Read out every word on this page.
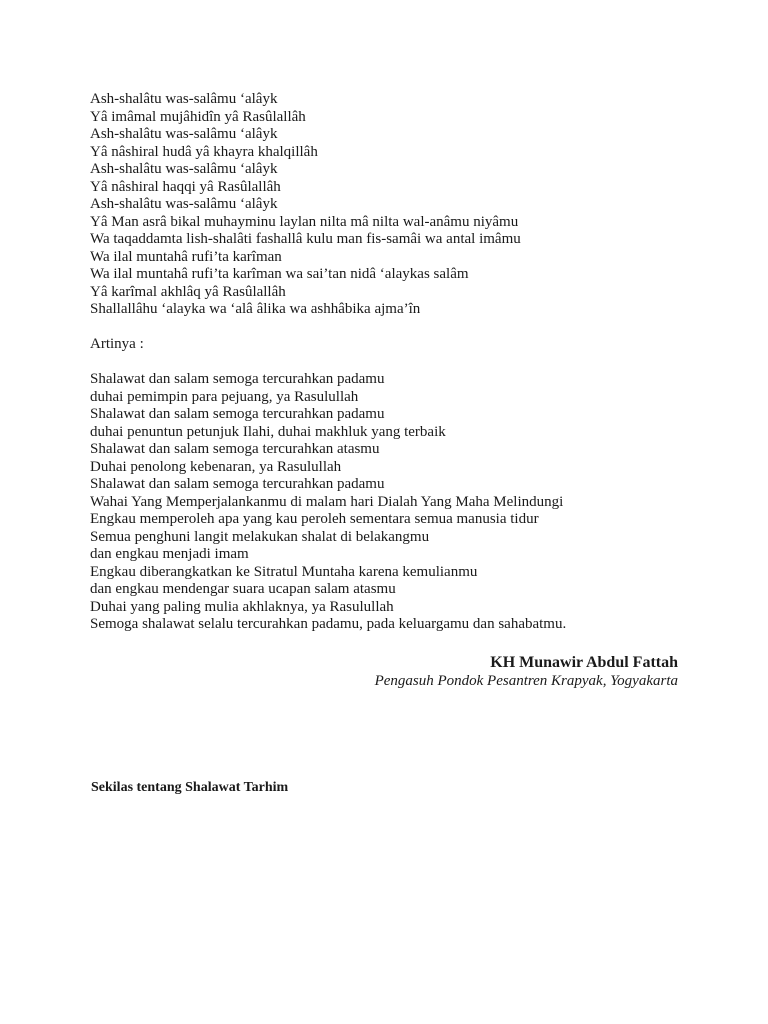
Ash-shalâtu was-salâmu ‘alâyk
Yâ imâmal mujâhidîn yâ Rasûlallâh
Ash-shalâtu was-salâmu ‘alâyk
Yâ nâshiral hudâ yâ khayra khalqillâh
Ash-shalâtu was-salâmu ‘alâyk
Yâ nâshiral haqqi yâ Rasûlallâh
Ash-shalâtu was-salâmu ‘alâyk
Yâ Man asrâ bikal muhayminu laylan nilta mâ nilta wal-anâmu niyâmu
Wa taqaddamta lish-shalâti fashallâ kulu man fis-samâi wa antal imâmu
Wa ilal muntahâ rufi’ta karîman
Wa ilal muntahâ rufi’ta karîman wa sai’tan nidâ ‘alaykas salâm
Yâ karîmal akhlâq yâ Rasûlallâh
Shallallâhu ‘alayka wa ‘alâ âlika wa ashhâbika ajma’în
Artinya :
Shalawat dan salam semoga tercurahkan padamu
duhai pemimpin para pejuang, ya Rasulullah
Shalawat dan salam semoga tercurahkan padamu
duhai penuntun petunjuk Ilahi, duhai makhluk yang terbaik
Shalawat dan salam semoga tercurahkan atasmu
Duhai penolong kebenaran, ya Rasulullah
Shalawat dan salam semoga tercurahkan padamu
Wahai Yang Memperjalankanmu di malam hari Dialah Yang Maha Melindungi
Engkau memperoleh apa yang kau peroleh sementara semua manusia tidur
Semua penghuni langit melakukan shalat di belakangmu
dan engkau menjadi imam
Engkau diberangkatkan ke Sitratul Muntaha karena kemulianmu
dan engkau mendengar suara ucapan salam atasmu
Duhai yang paling mulia akhlaknya, ya Rasulullah
Semoga shalawat selalu tercurahkan padamu, pada keluargamu dan sahabatmu.
KH Munawir Abdul Fattah
Pengasuh Pondok Pesantren Krapyak, Yogyakarta
Sekilas tentang Shalawat Tarhim
